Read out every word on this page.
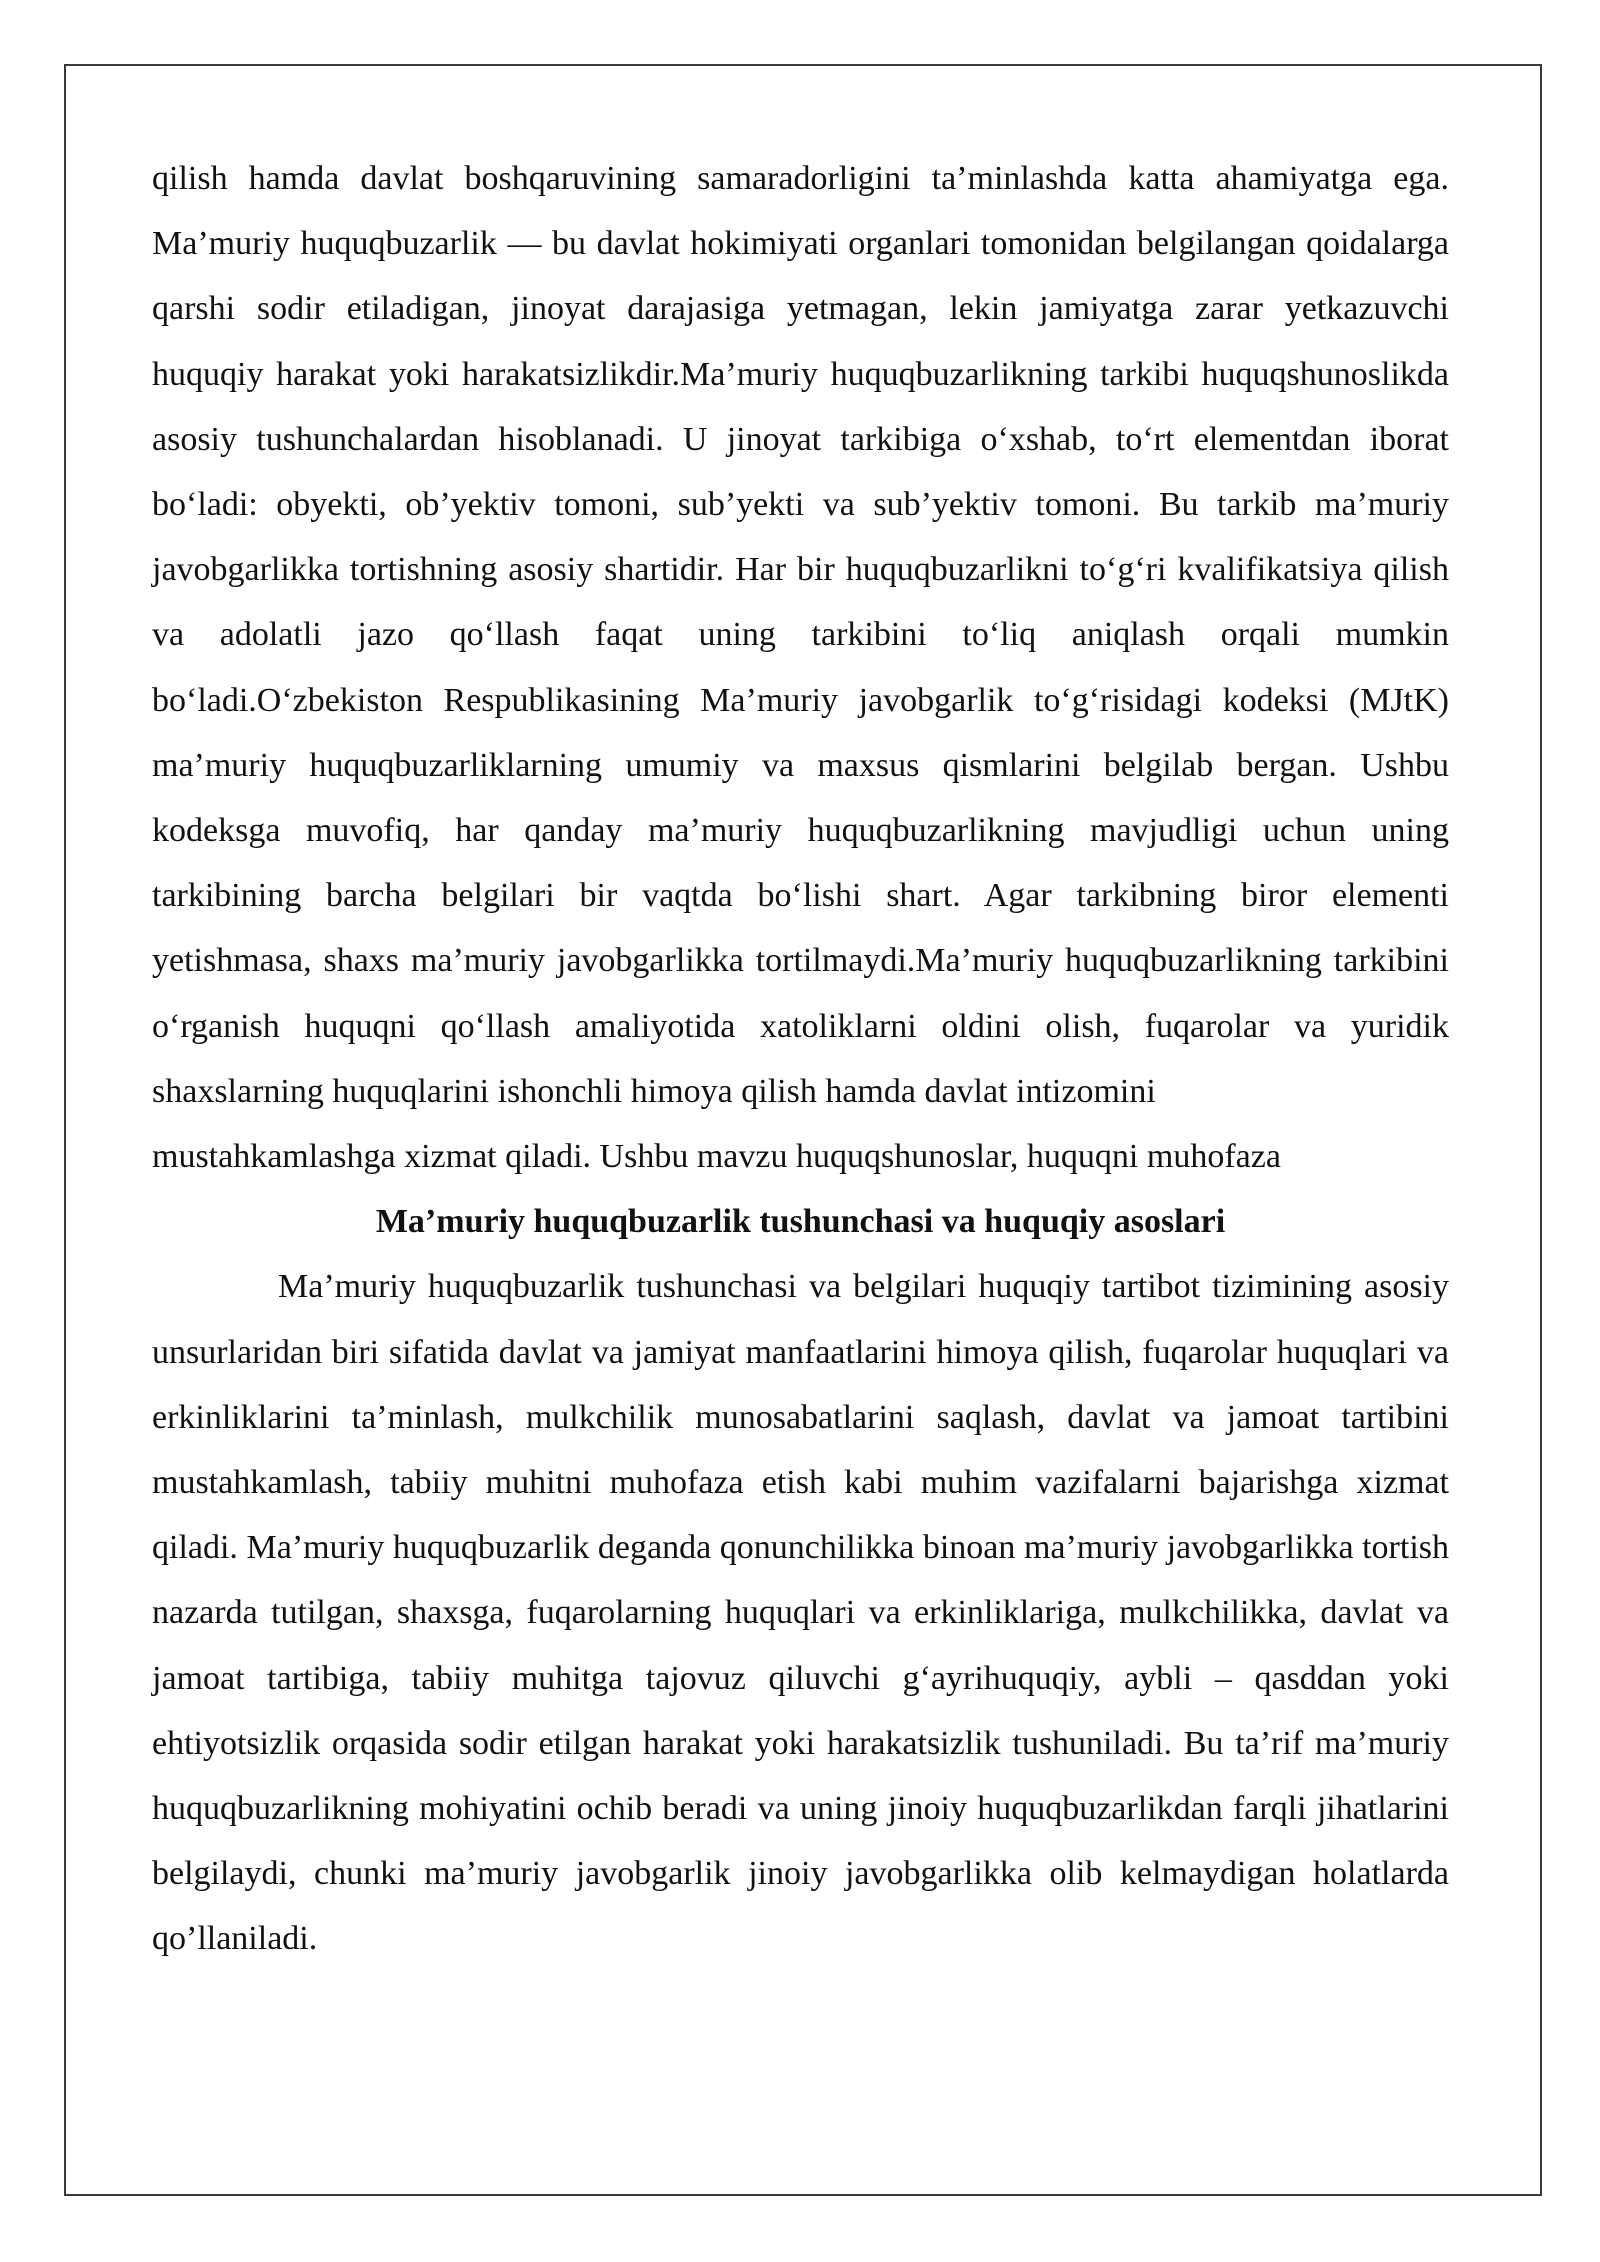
qilish hamda davlat boshqaruvining samaradorligini ta’minlashda katta ahamiyatga ega. Ma’muriy huquqbuzarlik — bu davlat hokimiyati organlari tomonidan belgilangan qoidalarga qarshi sodir etiladigan, jinoyat darajasiga yetmagan, lekin jamiyatga zarar yetkazuvchi huquqiy harakat yoki harakatsizlikdir.Ma’muriy huquqbuzarlikning tarkibi huquqshunoslikda asosiy tushunchalardan hisoblanadi. U jinoyat tarkibiga o‘xshab, to‘rt elementdan iborat bo‘ladi: obyekti, ob’yektiv tomoni, sub’yekti va sub’yektiv tomoni. Bu tarkib ma’muriy javobgarlikka tortishning asosiy shartidir. Har bir huquqbuzarlikni to‘g‘ri kvalifikatsiya qilish va adolatli jazo qo‘llash faqat uning tarkibini to‘liq aniqlash orqali mumkin bo‘ladi.O‘zbekiston Respublikasining Ma’muriy javobgarlik to‘g‘risidagi kodeksi (MJtK) ma’muriy huquqbuzarliklarning umumiy va maxsus qismlarini belgilab bergan. Ushbu kodeksga muvofiq, har qanday ma’muriy huquqbuzarlikning mavjudligi uchun uning tarkibining barcha belgilari bir vaqtda bo‘lishi shart. Agar tarkibning biror elementi yetishmasa, shaxs ma’muriy javobgarlikka tortilmaydi.Ma’muriy huquqbuzarlikning tarkibini o‘rganish huquqni qo‘llash amaliyotida xatoliklarni oldini olish, fuqarolar va yuridik shaxslarning huquqlarini ishonchli himoya qilish hamda davlat intizomini

mustahkamlashga xizmat qiladi. Ushbu mavzu huquqshunoslar, huquqni muhofaza

Ma’muriy huquqbuzarlik tushunchasi va huquqiy asoslari

Ma’muriy huquqbuzarlik tushunchasi va belgilari huquqiy tartibot tizimining asosiy unsurlaridan biri sifatida davlat va jamiyat manfaatlarini himoya qilish, fuqarolar huquqlari va erkinliklarini ta’minlash, mulkchilik munosabatlarini saqlash, davlat va jamoat tartibini mustahkamlash, tabiiy muhitni muhofaza etish kabi muhim vazifalarni bajarishga xizmat qiladi. Ma’muriy huquqbuzarlik deganda qonunchilikka binoan ma’muriy javobgarlikka tortish nazarda tutilgan, shaxsga, fuqarolarning huquqlari va erkinliklariga, mulkchilikka, davlat va jamoat tartibiga, tabiiy muhitga tajovuz qiluvchi g‘ayrihuquqiy, aybli – qasddan yoki ehtiyotsizlik orqasida sodir etilgan harakat yoki harakatsizlik tushuniladi. Bu ta’rif ma’muriy huquqbuzarlikning mohiyatini ochib beradi va uning jinoiy huquqbuzarlikdan farqli jihatlarini belgilaydi, chunki ma’muriy javobgarlik jinoiy javobgarlikka olib kelmaydigan holatlarda qo’llaniladi.
